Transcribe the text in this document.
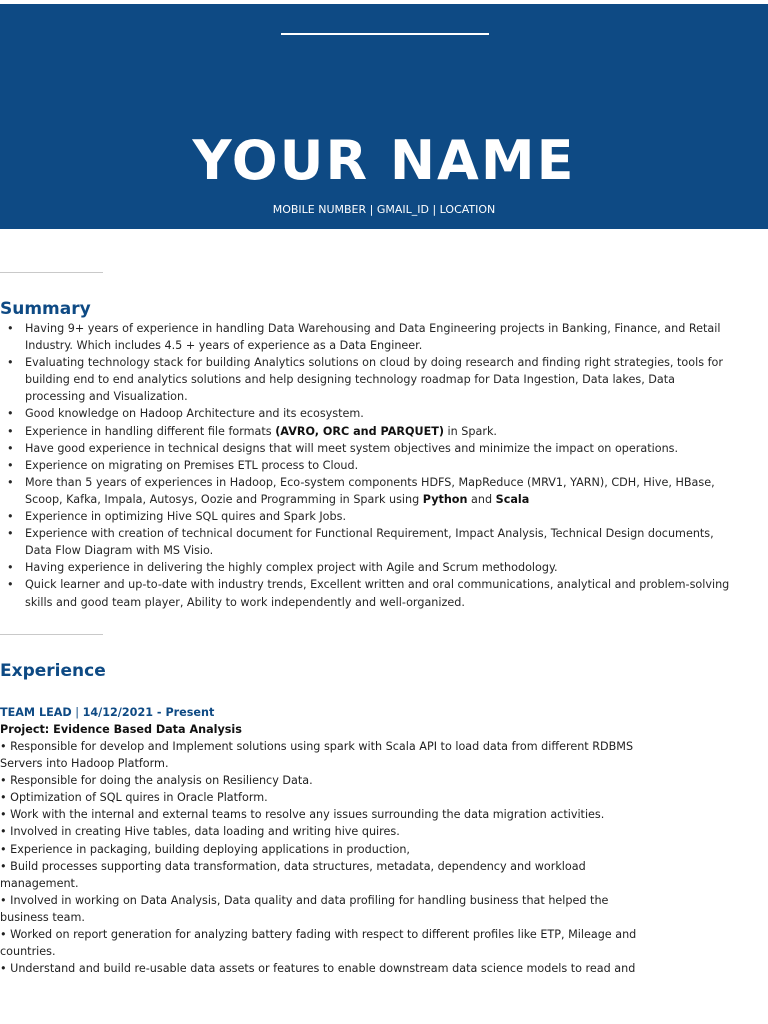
YOUR NAME
MOBILE NUMBER | GMAIL_ID | LOCATION
Summary
• Having 9+ years of experience in handling Data Warehousing and Data Engineering projects in Banking, Finance, and Retail Industry. Which includes 4.5 + years of experience as a Data Engineer.
• Evaluating technology stack for building Analytics solutions on cloud by doing research and finding right strategies, tools for building end to end analytics solutions and help designing technology roadmap for Data Ingestion, Data lakes, Data processing and Visualization.
• Good knowledge on Hadoop Architecture and its ecosystem.
• Experience in handling different file formats (AVRO, ORC and PARQUET) in Spark.
• Have good experience in technical designs that will meet system objectives and minimize the impact on operations.
• Experience on migrating on Premises ETL process to Cloud.
• More than 5 years of experiences in Hadoop, Eco-system components HDFS, MapReduce (MRV1, YARN), CDH, Hive, HBase, Scoop, Kafka, Impala, Autosys, Oozie and Programming in Spark using Python and Scala
• Experience in optimizing Hive SQL quires and Spark Jobs.
• Experience with creation of technical document for Functional Requirement, Impact Analysis, Technical Design documents, Data Flow Diagram with MS Visio.
• Having experience in delivering the highly complex project with Agile and Scrum methodology.
• Quick learner and up-to-date with industry trends, Excellent written and oral communications, analytical and problem-solving skills and good team player, Ability to work independently and well-organized.
Experience
TEAM LEAD | 14/12/2021 - Present
Project: Evidence Based Data Analysis
• Responsible for develop and Implement solutions using spark with Scala API to load data from different RDBMS Servers into Hadoop Platform.
• Responsible for doing the analysis on Resiliency Data.
• Optimization of SQL quires in Oracle Platform.
• Work with the internal and external teams to resolve any issues surrounding the data migration activities.
• Involved in creating Hive tables, data loading and writing hive quires.
• Experience in packaging, building deploying applications in production,
• Build processes supporting data transformation, data structures, metadata, dependency and workload management.
• Involved in working on Data Analysis, Data quality and data profiling for handling business that helped the business team.
• Worked on report generation for analyzing battery fading with respect to different profiles like ETP, Mileage and countries.
• Understand and build re-usable data assets or features to enable downstream data science models to read and
